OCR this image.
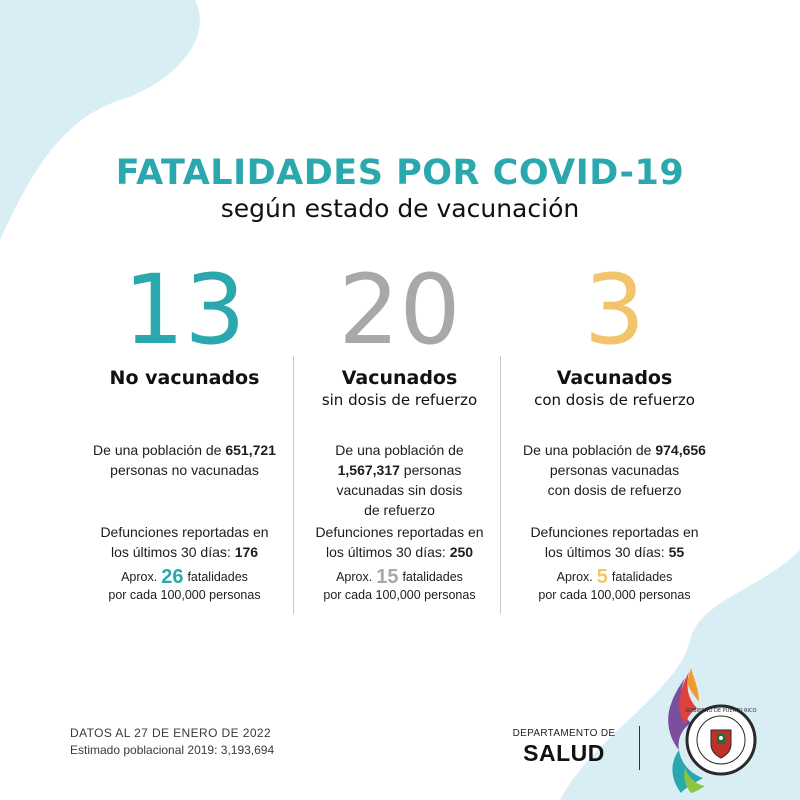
FATALIDADES POR COVID-19
según estado de vacunación
13
No vacunados
De una población de 651,721
personas no vacunadas
Defunciones reportadas en
los últimos 30 días: 176
Aprox. 26 fatalidades
por cada 100,000 personas
20
Vacunados
sin dosis de refuerzo
De una población de
1,567,317 personas
vacunadas sin dosis
de refuerzo
Defunciones reportadas en
los últimos 30 días: 250
Aprox. 15 fatalidades
por cada 100,000 personas
3
Vacunados
con dosis de refuerzo
De una población de 974,656
personas vacunadas
con dosis de refuerzo
Defunciones reportadas en
los últimos 30 días: 55
Aprox. 5 fatalidades
por cada 100,000 personas
DATOS AL 27 DE ENERO DE 2022
Estimado poblacional 2019: 3,193,694
DEPARTAMENTO DE
SALUD
GOBIERNO DE PUERTO RICO
